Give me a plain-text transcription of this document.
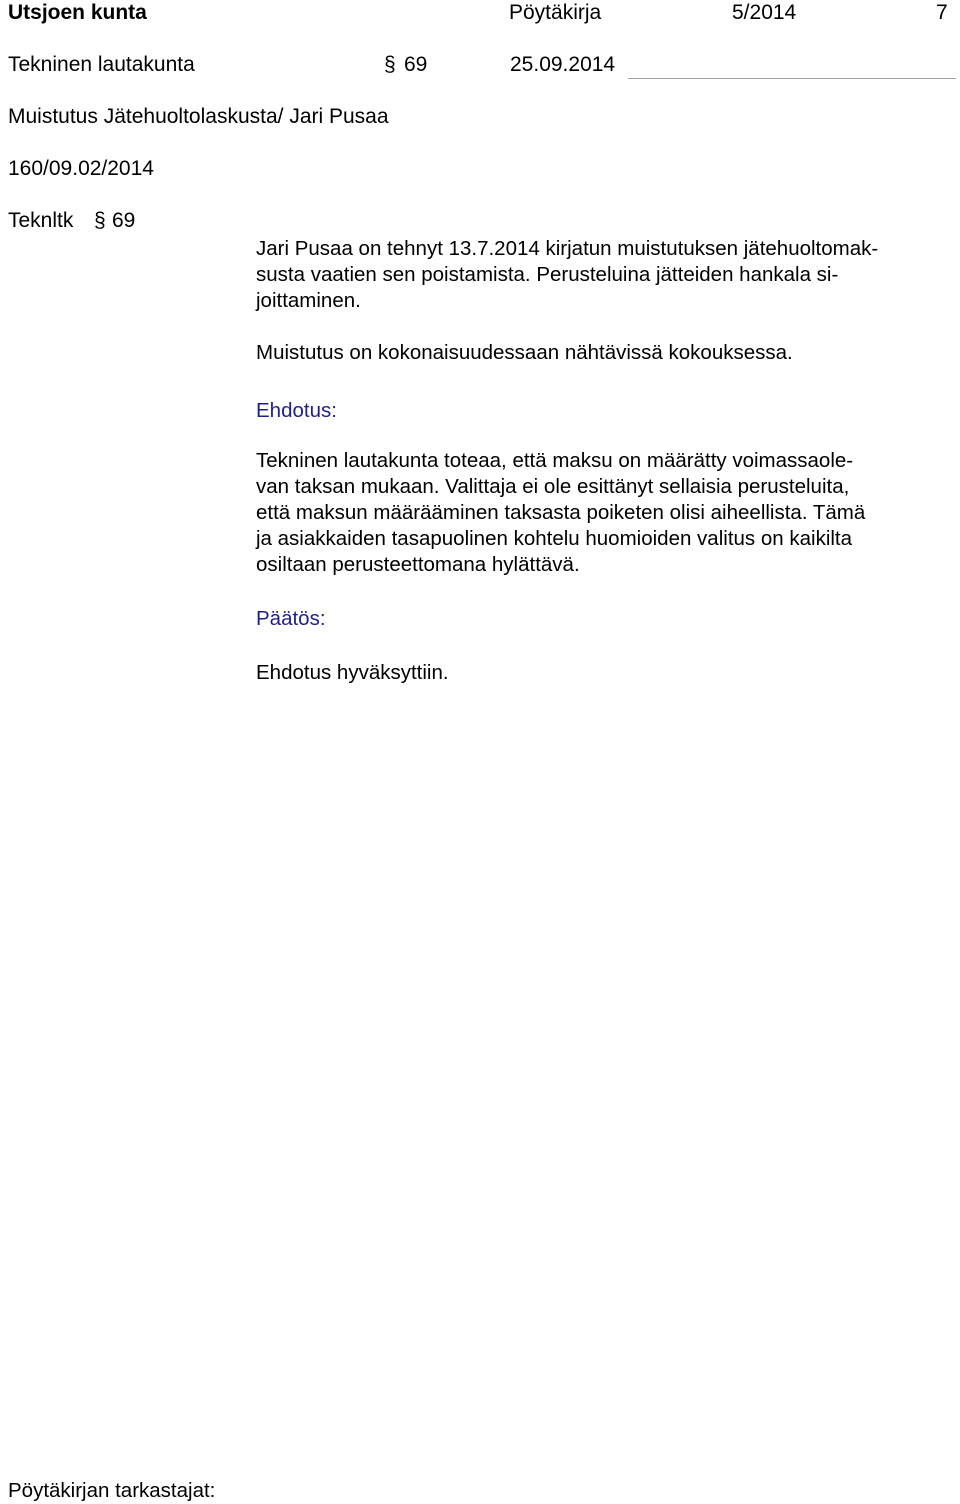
Utsjoen kunta	Pöytäkirja	5/2014	7
Tekninen lautakunta	§ 69	25.09.2014
Muistutus Jätehuoltolaskusta/ Jari Pusaa
160/09.02/2014
Teknltk § 69
Jari Pusaa on tehnyt 13.7.2014 kirjatun muistutuksen jätehuoltomak-
susta vaatien sen poistamista. Perusteluina jätteiden hankala si-
joittaminen.
Muistutus on kokonaisuudessaan nähtävissä kokouksessa.
Ehdotus:
Tekninen lautakunta toteaa, että maksu on määrätty voimassaole-
van taksan mukaan. Valittaja ei ole esittänyt sellaisia perusteluita,
että maksun määrääminen taksasta poiketen olisi aiheellista. Tämä
ja asiakkaiden tasapuolinen kohtelu huomioiden valitus on kaikilta
osiltaan perusteettomana hylättävä.
Päätös:
Ehdotus hyväksyttiin.
Pöytäkirjan tarkastajat:
